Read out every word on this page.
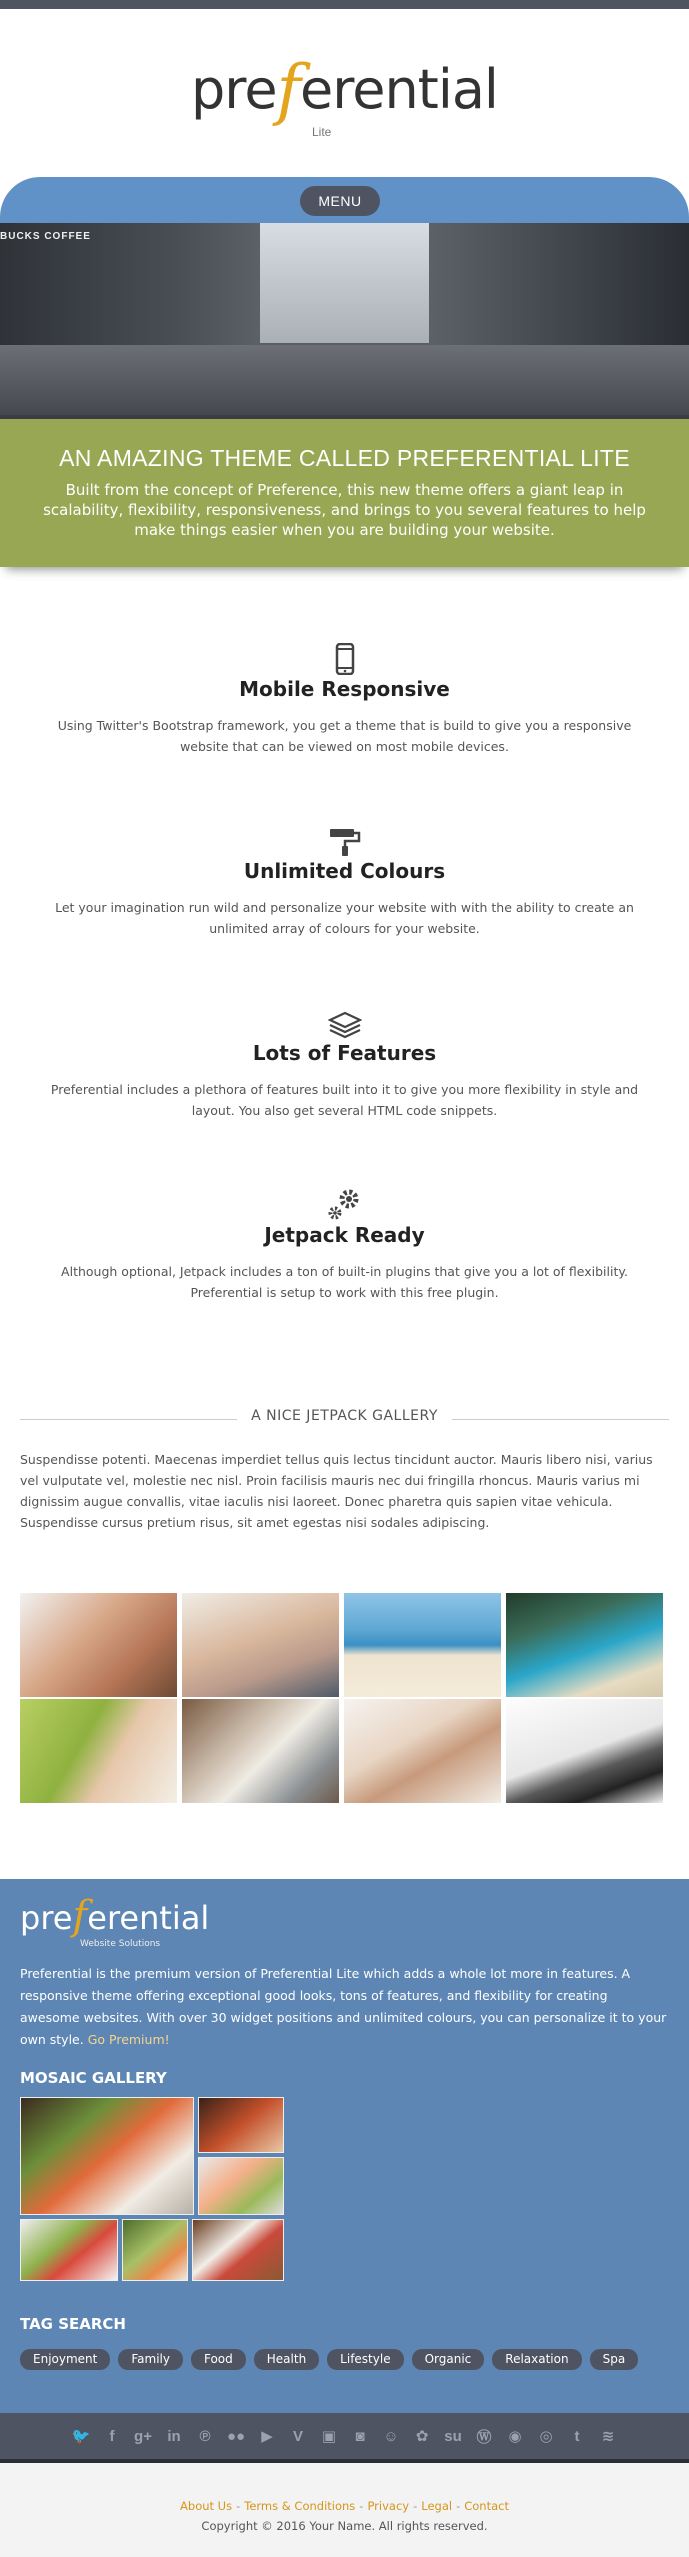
preferential
Lite
MENU
BUCKS COFFEE
AN AMAZING THEME CALLED PREFERENTIAL LITE

Built from the concept of Preference, this new theme offers a giant leap in scalability, flexibility, responsiveness, and brings to you several features to help make things easier when you are building your website.

Mobile Responsive

Using Twitter's Bootstrap framework, you get a theme that is build to give you a responsive website that can be viewed on most mobile devices.

Unlimited Colours

Let your imagination run wild and personalize your website with with the ability to create an unlimited array of colours for your website.

Lots of Features

Preferential includes a plethora of features built into it to give you more flexibility in style and layout. You also get several HTML code snippets.

Jetpack Ready

Although optional, Jetpack includes a ton of built-in plugins that give you a lot of flexibility. Preferential is setup to work with this free plugin.

A NICE JETPACK GALLERY

Suspendisse potenti. Maecenas imperdiet tellus quis lectus tincidunt auctor. Mauris libero nisi, varius vel vulputate vel, molestie nec nisl. Proin facilisis mauris nec dui fringilla rhoncus. Mauris varius mi dignissim augue convallis, vitae iaculis nisi laoreet. Donec pharetra quis sapien vitae vehicula. Suspendisse cursus pretium risus, sit amet egestas nisi sodales adipiscing.

preferential
Website Solutions

Preferential is the premium version of Preferential Lite which adds a whole lot more in features. A responsive theme offering exceptional good looks, tons of features, and flexibility for creating awesome websites. With over 30 widget positions and unlimited colours, you can personalize it to your own style. Go Premium!

MOSAIC GALLERY
TAG SEARCH
Enjoyment	Family	Food	Health	Lifestyle	Organic	Relaxation	Spa
🐦	f	g+ in	℗	●●	▶	V	▣	◙	☺	✿	su Ⓦ ◉ ◎	t	≋
About Us - Terms & Conditions - Privacy - Legal - Contact
Copyright © 2016 Your Name. All rights reserved.
